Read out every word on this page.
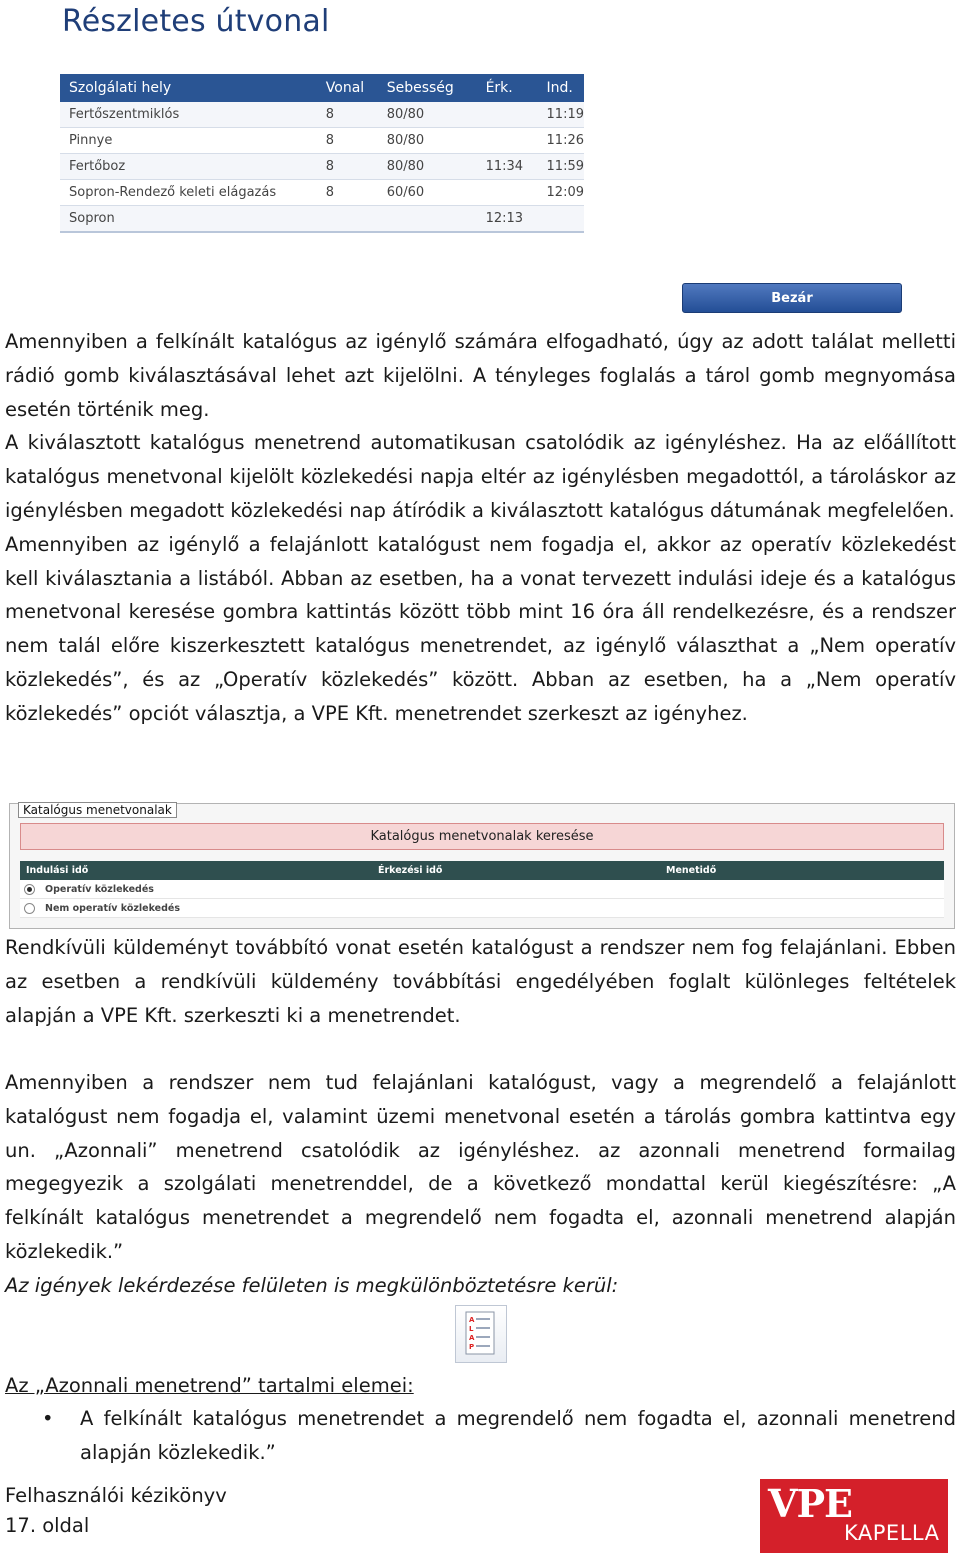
Részletes útvonal
Szolgálati hely	Vonal	Sebesség	Érk.	Ind.
Fertőszentmiklós	8	80/80		11:19
Pinnye	8	80/80		11:26
Fertőboz	8	80/80	11:34	11:59
Sopron-Rendező keleti elágazás	8	60/60		12:09
Sopron			12:13	
Bezár

Amennyiben a felkínált katalógus az igénylő számára elfogadható, úgy az adott találat melletti rádió gomb kiválasztásával lehet azt kijelölni. A tényleges foglalás a tárol gomb megnyomása esetén történik meg.

A kiválasztott katalógus menetrend automatikusan csatolódik az igényléshez. Ha az előállított katalógus menetvonal kijelölt közlekedési napja eltér az igénylésben megadottól, a tároláskor az igénylésben megadott közlekedési nap átíródik a kiválasztott katalógus dátumának megfelelően.

Amennyiben az igénylő a felajánlott katalógust nem fogadja el, akkor az operatív közlekedést kell kiválasztania a listából. Abban az esetben, ha a vonat tervezett indulási ideje és a katalógus menetvonal keresése gombra kattintás között több mint 16 óra áll rendelkezésre, és a rendszer nem talál előre kiszerkesztett katalógus menetrendet, az igénylő választhat a „Nem operatív közlekedés”, és az „Operatív közlekedés” között. Abban az esetben, ha a „Nem operatív közlekedés” opciót választja, a VPE Kft. menetrendet szerkeszt az igényhez.

Katalógus menetvonalak
Katalógus menetvonalak keresése
Indulási idő	Érkezési idő	Menetidő
Operatív közlekedés
Nem operatív közlekedés

Rendkívüli küldeményt továbbító vonat esetén katalógust a rendszer nem fog felajánlani. Ebben az esetben a rendkívüli küldemény továbbítási engedélyében foglalt különleges feltételek alapján a VPE Kft. szerkeszti ki a menetrendet.

Amennyiben a rendszer nem tud felajánlani katalógust, vagy a megrendelő a felajánlott katalógust nem fogadja el, valamint üzemi menetvonal esetén a tárolás gombra kattintva egy un. „Azonnali” menetrend csatolódik az igényléshez. az azonnali menetrend formailag megegyezik a szolgálati menetrenddel, de a következő mondattal kerül kiegészítésre: „A felkínált katalógus menetrendet a megrendelő nem fogadta el, azonnali menetrend alapján közlekedik.”

Az igények lekérdezése felületen is megkülönböztetésre kerül:

A
L
A
P
Az „Azonnali menetrend” tartalmi elemei:
• A felkínált katalógus menetrendet a megrendelő nem fogadta el, azonnali menetrend alapján közlekedik.”

Felhasználói kézikönyv
17. oldal	VPE
KAPELLA
